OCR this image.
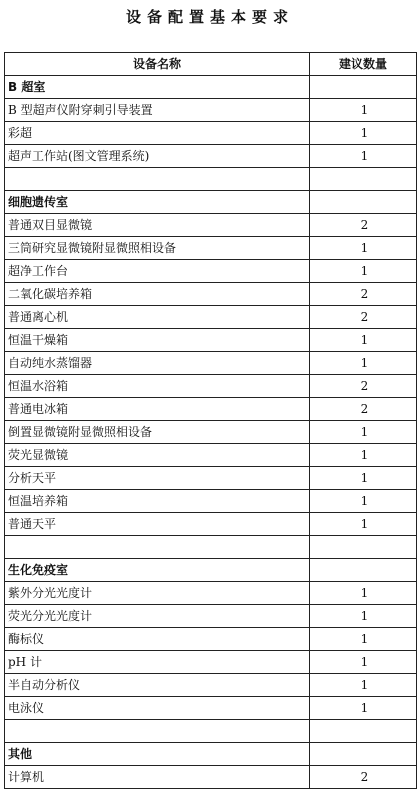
设备配置基本要求
设备名称	建议数量
B 超室	
B 型超声仪附穿刺引导装置	1
彩超	1
超声工作站(图文管理系统)	1

细胞遗传室	
普通双目显微镜	2
三筒研究显微镜附显微照相设备	1
超净工作台	1
二氧化碳培养箱	2
普通离心机	2
恒温干燥箱	1
自动纯水蒸馏器	1
恒温水浴箱	2
普通电冰箱	2
倒置显微镜附显微照相设备	1
荧光显微镜	1
分析天平	1
恒温培养箱	1
普通天平	1

生化免疫室	
紫外分光光度计	1
荧光分光光度计	1
酶标仪	1
pH 计	1
半自动分析仪	1
电泳仪	1

其他	
计算机	2
